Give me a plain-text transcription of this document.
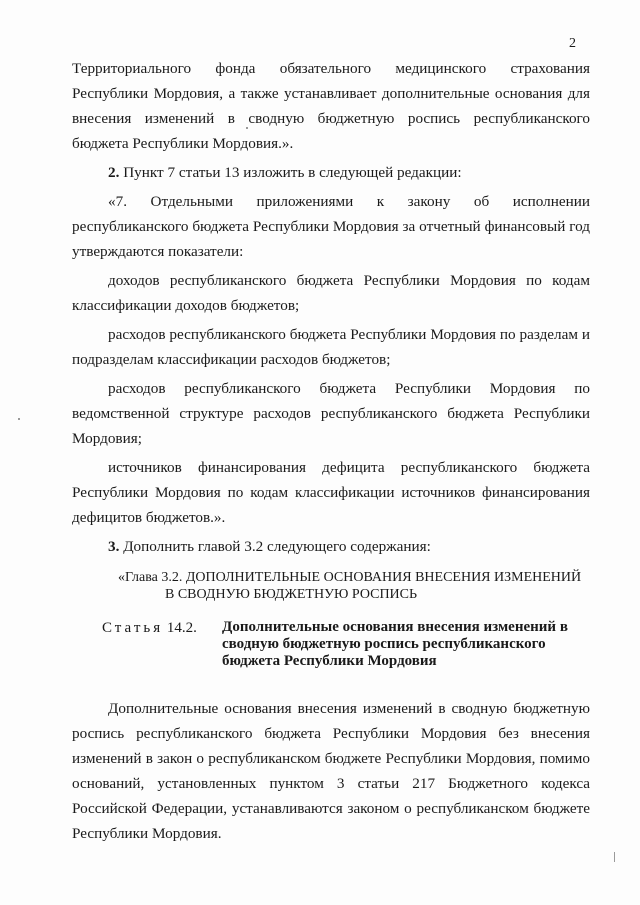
2

Территориального фонда обязательного медицинского страхования

Республики Мордовия, а также устанавливает дополнительные основания для внесения изменений в сводную бюджетную роспись республиканского бюджета Республики Мордовия.».

2. Пункт 7 статьи 13 изложить в следующей редакции:

«7. Отдельными приложениями к закону об исполнении республиканского бюджета Республики Мордовия за отчетный финансовый год утверждаются показатели:

доходов республиканского бюджета Республики Мордовия по кодам классификации доходов бюджетов;

расходов республиканского бюджета Республики Мордовия по разделам и подразделам классификации расходов бюджетов;

расходов республиканского бюджета Республики Мордовия по ведомственной структуре расходов республиканского бюджета Республики Мордовия;

источников финансирования дефицита республиканского бюджета Республики Мордовия по кодам классификации источников финансирования дефицитов бюджетов.».

3. Дополнить главой 3.2 следующего содержания:

«Глава 3.2. ДОПОЛНИТЕЛЬНЫЕ ОСНОВАНИЯ ВНЕСЕНИЯ ИЗМЕНЕНИЙ
В СВОДНУЮ БЮДЖЕТНУЮ РОСПИСЬ
Статья 14.2.	Дополнительные основания внесения изменений в сводную бюджетную роспись республиканского бюджета Республики Мордовия

Дополнительные основания внесения изменений в сводную бюджетную роспись республиканского бюджета Республики Мордовия без внесения изменений в закон о республиканском бюджете Республики Мордовия, помимо оснований, установленных пунктом 3 статьи 217 Бюджетного кодекса Российской Федерации, устанавливаются законом о республиканском бюджете Республики Мордовия.
